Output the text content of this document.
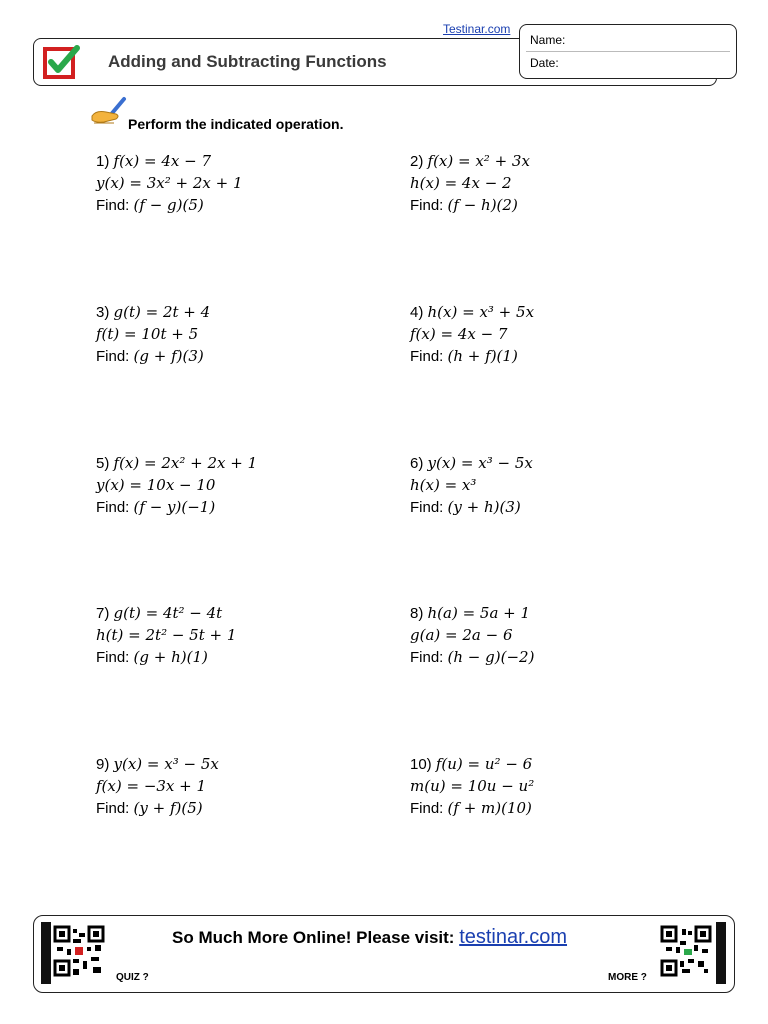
Testinar.com
Adding and Subtracting Functions
Name:
Date:
Perform the indicated operation.
1) f(x) = 4x − 7
y(x) = 3x² + 2x + 1
Find: (f − g)(5)
2) f(x) = x² + 3x
h(x) = 4x − 2
Find: (f − h)(2)
3) g(t) = 2t + 4
f(t) = 10t + 5
Find: (g + f)(3)
4) h(x) = x³ + 5x
f(x) = 4x − 7
Find: (h + f)(1)
5) f(x) = 2x² + 2x + 1
y(x) = 10x − 10
Find: (f − y)(−1)
6) y(x) = x³ − 5x
h(x) = x³
Find: (y + h)(3)
7) g(t) = 4t² − 4t
h(t) = 2t² − 5t + 1
Find: (g + h)(1)
8) h(a) = 5a + 1
g(a) = 2a − 6
Find: (h − g)(−2)
9) y(x) = x³ − 5x
f(x) = −3x + 1
Find: (y + f)(5)
10) f(u) = u² − 6
m(u) = 10u − u²
Find: (f + m)(10)
QUIZ ?
So Much More Online! Please visit: testinar.com
MORE ?
